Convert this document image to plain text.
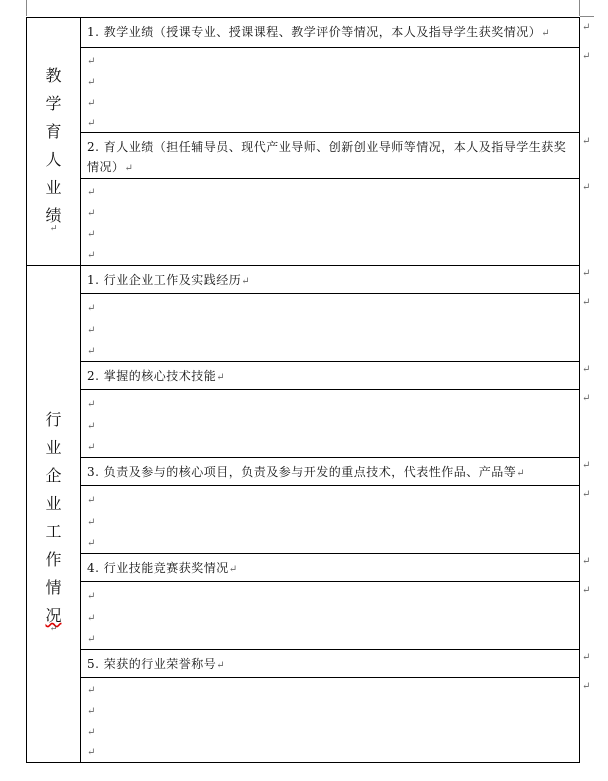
教
学
育
人
业
绩
↵
1. 教学业绩（授课专业、授课课程、教学评价等情况，本人及指导学生获奖情况）↵
↵
↵
↵
↵
2. 育人业绩（担任辅导员、现代产业导师、创新创业导师等情况，本人及指导学生获奖情况）↵
↵
↵
↵
↵
行
业
企
业
工
作
情
况
↵
1. 行业企业工作及实践经历↵
↵
↵
↵
2. 掌握的核心技术技能↵
↵
↵
↵
3. 负责及参与的核心项目，负责及参与开发的重点技术，代表性作品、产品等↵
↵
↵
↵
4. 行业技能竞赛获奖情况↵
↵
↵
↵
5. 荣获的行业荣誉称号↵
↵
↵
↵
↵
↵
↵
↵
↵
↵
↵
↵
↵
↵
↵
↵
↵
↵
↵
